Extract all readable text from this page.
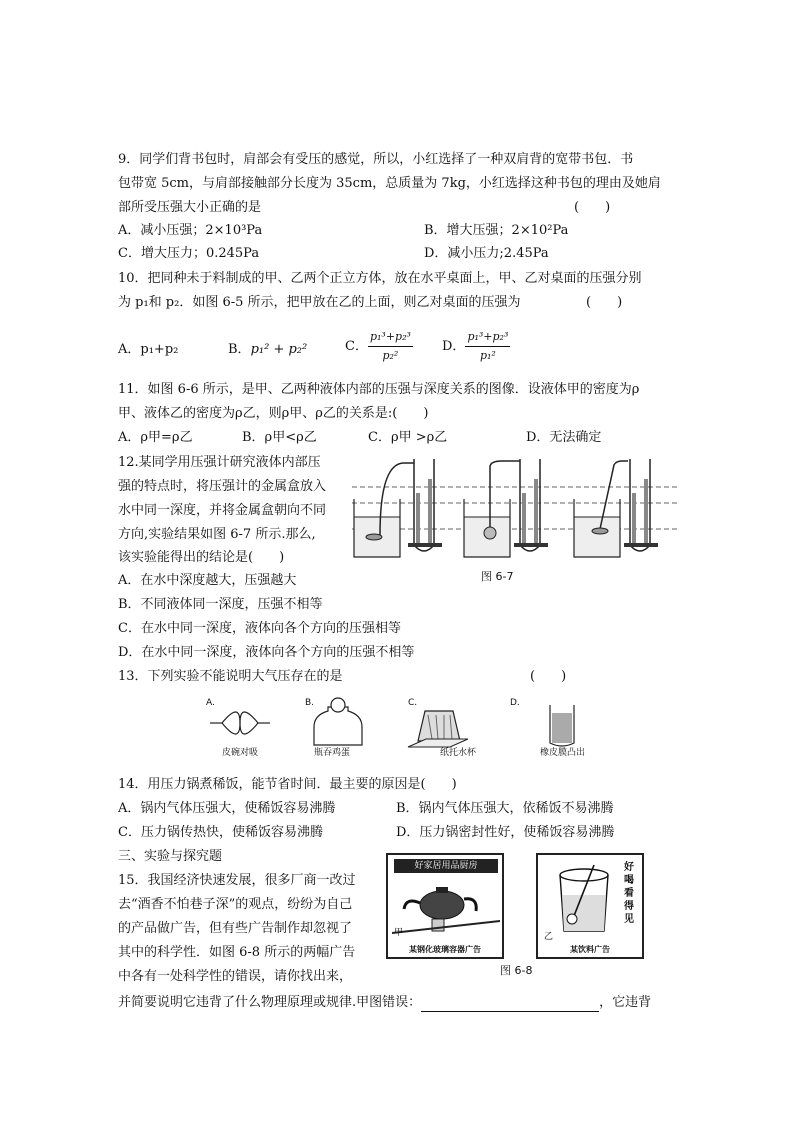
9．同学们背书包时，肩部会有受压的感觉，所以，小红选择了一种双肩背的宽带书包．书
包带宽 5cm，与肩部接触部分长度为 35cm，总质量为 7kg，小红选择这种书包的理由及她肩
部所受压强大小正确的是	(　　)
A．减小压强；2×10³Pa	B．增大压强；2×10²Pa
C．增大压力；0.245Pa	D．减小压力;2.45Pa
10．把同种未于料制成的甲、乙两个正立方体，放在水平桌面上，甲、乙对桌面的压强分别
为 p₁和 p₂．如图 6-5 所示，把甲放在乙的上面，则乙对桌面的压强为	(　　)
A．p₁+p₂	B．p₁² + p₂²	C． $\frac{\text{p₁³+p₂³}}{\text{p₂²}}$ D． $\frac{\text{p₁³+p₂³}}{\text{p₁²}}$
11．如图 6-6 所示，是甲、乙两种液体内部的压强与深度关系的图像．设液体甲的密度为ρ
甲、液体乙的密度为ρ乙，则ρ甲、ρ乙的关系是:(　　)
A．ρ甲=ρ乙	B．ρ甲<ρ乙	C．ρ甲 >ρ乙	D．无法确定
12.某同学用压强计研究液体内部压
强的特点时，将压强计的金属盒放入
水中同一深度，并将金属盒朝向不同
方向,实验结果如图 6-7 所示.那么,
该实验能得出的结论是(　　)
图 6-7
A．在水中深度越大，压强越大
B．不同液体同一深度，压强不相等
C．在水中同一深度，液体向各个方向的压强相等
D．在水中同一深度，液体向各个方向的压强不相等
13．下列实验不能说明大气压存在的是	(　　)
A.	B.	C.	D.
皮碗对吸	瓶吞鸡蛋	纸托水杯	橡皮膜凸出
14．用压力锅煮稀饭，能节省时间．最主要的原因是(　　)
A．锅内气体压强大，使稀饭容易沸腾	B．锅内气体压强大，依稀饭不易沸腾
C．压力锅传热快，使稀饭容易沸腾	D．压力锅密封性好，使稀饭容易沸腾
三、实验与探究题
15．我国经济快速发展，很多厂商一改过
去“酒香不怕巷子深”的观点，纷纷为自己
的产品做广告，但有些广告制作却忽视了
其中的科学性．如图 6-8 所示的两幅广告
中各有一处科学性的错误，请你找出来，
并简要说明它违背了什么物理原理或规律.甲图错误：	，它违背
好家居用品厨房
甲
某钢化玻璃容器广告
好喝看得见
乙
某饮料广告
图 6-8
